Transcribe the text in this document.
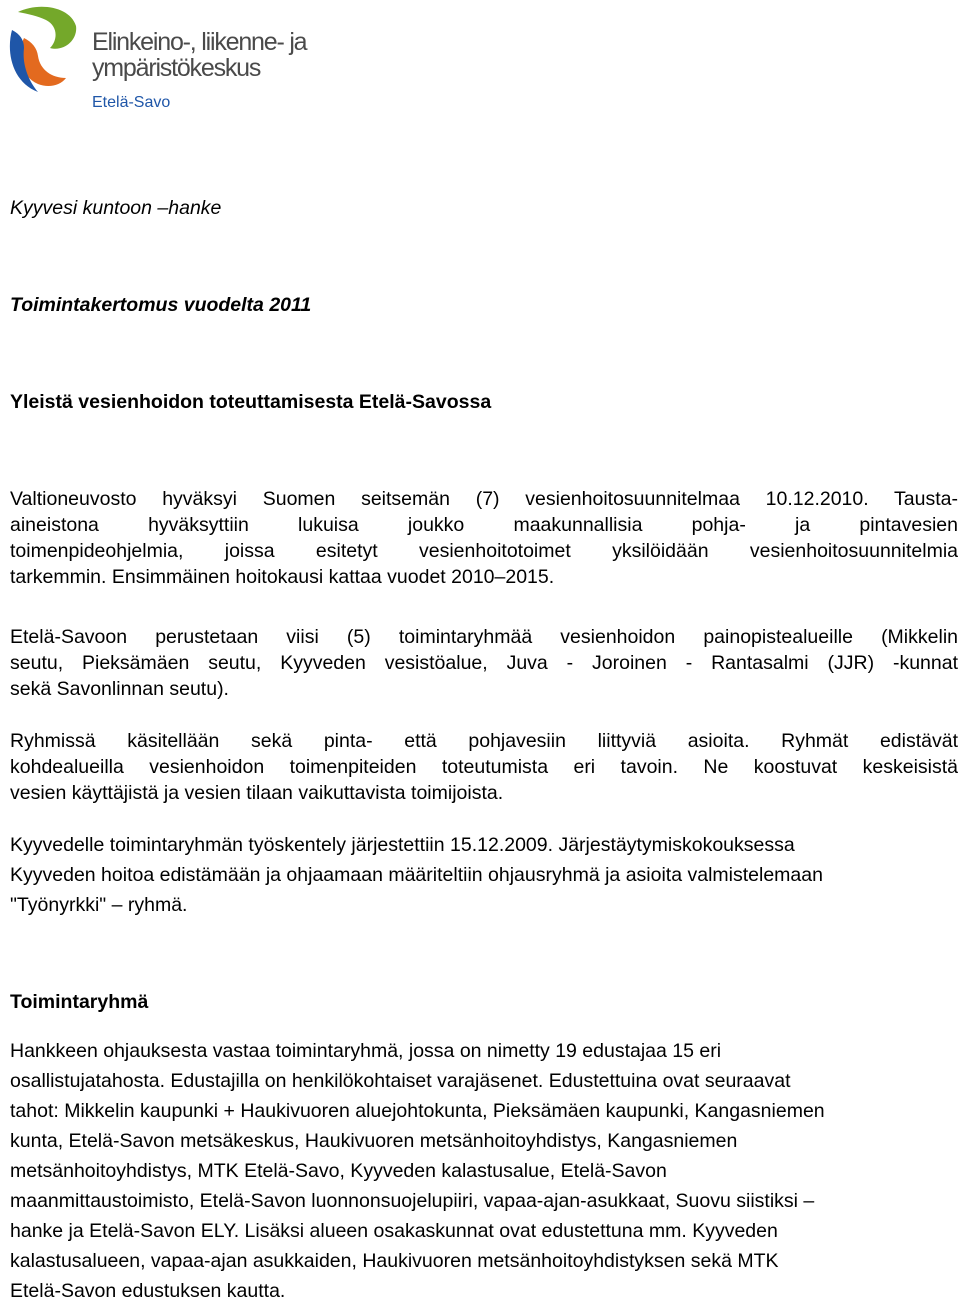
Elinkeino-, liikenne- ja
ympäristökeskus
Etelä-Savo
Kyyvesi kuntoon –hanke
Toimintakertomus vuodelta 2011
Yleistä vesienhoidon toteuttamisesta Etelä-Savossa
Valtioneuvosto hyväksyi Suomen seitsemän (7) vesienhoitosuunnitelmaa 10.12.2010. Tausta-
aineistona hyväksyttiin lukuisa joukko maakunnallisia pohja- ja pintavesien
toimenpideohjelmia, joissa esitetyt vesienhoitotoimet yksilöidään vesienhoitosuunnitelmia
tarkemmin. Ensimmäinen hoitokausi kattaa vuodet 2010–2015.
Etelä-Savoon perustetaan viisi (5) toimintaryhmää vesienhoidon painopistealueille (Mikkelin
seutu, Pieksämäen seutu, Kyyveden vesistöalue, Juva - Joroinen - Rantasalmi (JJR) -kunnat
sekä Savonlinnan seutu).
Ryhmissä käsitellään sekä pinta- että pohjavesiin liittyviä asioita. Ryhmät edistävät
kohdealueilla vesienhoidon toimenpiteiden toteutumista eri tavoin. Ne koostuvat keskeisistä
vesien käyttäjistä ja vesien tilaan vaikuttavista toimijoista.
Kyyvedelle toimintaryhmän työskentely järjestettiin 15.12.2009. Järjestäytymiskokouksessa
Kyyveden hoitoa edistämään ja ohjaamaan määriteltiin ohjausryhmä ja asioita valmistelemaan
"Työnyrkki" – ryhmä.
Toimintaryhmä
Hankkeen ohjauksesta vastaa toimintaryhmä, jossa on nimetty 19 edustajaa 15 eri
osallistujatahosta. Edustajilla on henkilökohtaiset varajäsenet. Edustettuina ovat seuraavat
tahot: Mikkelin kaupunki + Haukivuoren aluejohtokunta, Pieksämäen kaupunki, Kangasniemen
kunta, Etelä-Savon metsäkeskus, Haukivuoren metsänhoitoyhdistys, Kangasniemen
metsänhoitoyhdistys, MTK Etelä-Savo, Kyyveden kalastusalue, Etelä-Savon
maanmittaustoimisto, Etelä-Savon luonnonsuojelupiiri, vapaa-ajan-asukkaat, Suovu siistiksi –
hanke ja Etelä-Savon ELY. Lisäksi alueen osakaskunnat ovat edustettuna mm. Kyyveden
kalastusalueen, vapaa-ajan asukkaiden, Haukivuoren metsänhoitoyhdistyksen sekä MTK
Etelä-Savon edustuksen kautta.
